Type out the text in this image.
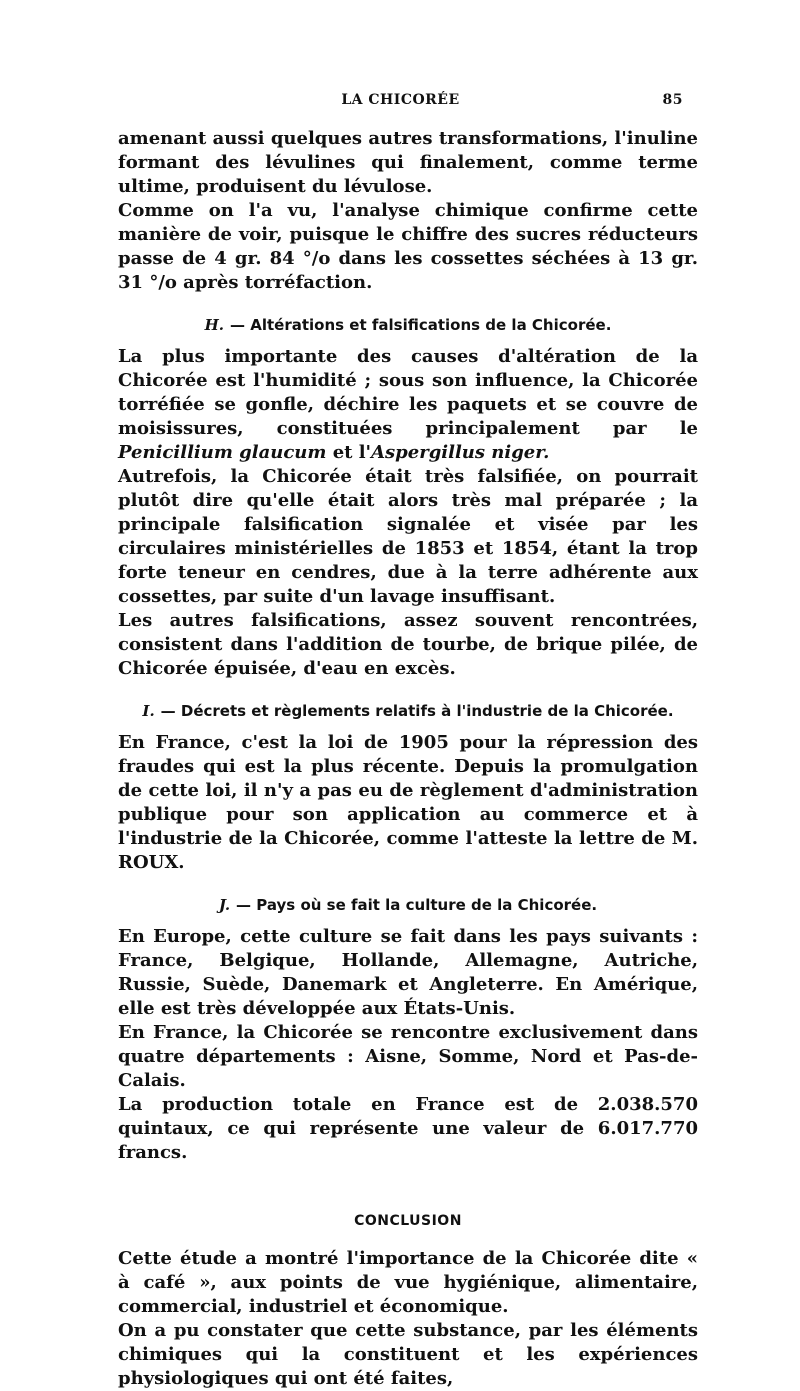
LA CHICORÉE	85

amenant aussi quelques autres transformations, l'inuline formant des lévulines qui finalement, comme terme ultime, produisent du lévulose.

Comme on l'a vu, l'analyse chimique confirme cette manière de voir, puisque le chiffre des sucres réducteurs passe de 4 gr. 84 °/o dans les cossettes séchées à 13 gr. 31 °/o après torréfaction.

H. — Altérations et falsifications de la Chicorée.

La plus importante des causes d'altération de la Chicorée est l'humidité ; sous son influence, la Chicorée torréfiée se gonfle, déchire les paquets et se couvre de moisissures, constituées principalement par le Penicillium glaucum et l'Aspergillus niger.

Autrefois, la Chicorée était très falsifiée, on pourrait plutôt dire qu'elle était alors très mal préparée ; la principale falsification signalée et visée par les circulaires ministérielles de 1853 et 1854, étant la trop forte teneur en cendres, due à la terre adhérente aux cossettes, par suite d'un lavage insuffisant.

Les autres falsifications, assez souvent rencontrées, consistent dans l'addition de tourbe, de brique pilée, de Chicorée épuisée, d'eau en excès.

I. — Décrets et règlements relatifs à l'industrie de la Chicorée.

En France, c'est la loi de 1905 pour la répression des fraudes qui est la plus récente. Depuis la promulgation de cette loi, il n'y a pas eu de règlement d'administration publique pour son application au commerce et à l'industrie de la Chicorée, comme l'atteste la lettre de M. ROUX.

J. — Pays où se fait la culture de la Chicorée.

En Europe, cette culture se fait dans les pays suivants : France, Belgique, Hollande, Allemagne, Autriche, Russie, Suède, Danemark et Angleterre. En Amérique, elle est très développée aux États-Unis.

En France, la Chicorée se rencontre exclusivement dans quatre départements : Aisne, Somme, Nord et Pas-de-Calais.

La production totale en France est de 2.038.570 quintaux, ce qui représente une valeur de 6.017.770 francs.

CONCLUSION

Cette étude a montré l'importance de la Chicorée dite « à café », aux points de vue hygiénique, alimentaire, commercial, industriel et économique.

On a pu constater que cette substance, par les éléments chimiques qui la constituent et les expériences physiologiques qui ont été faites,
